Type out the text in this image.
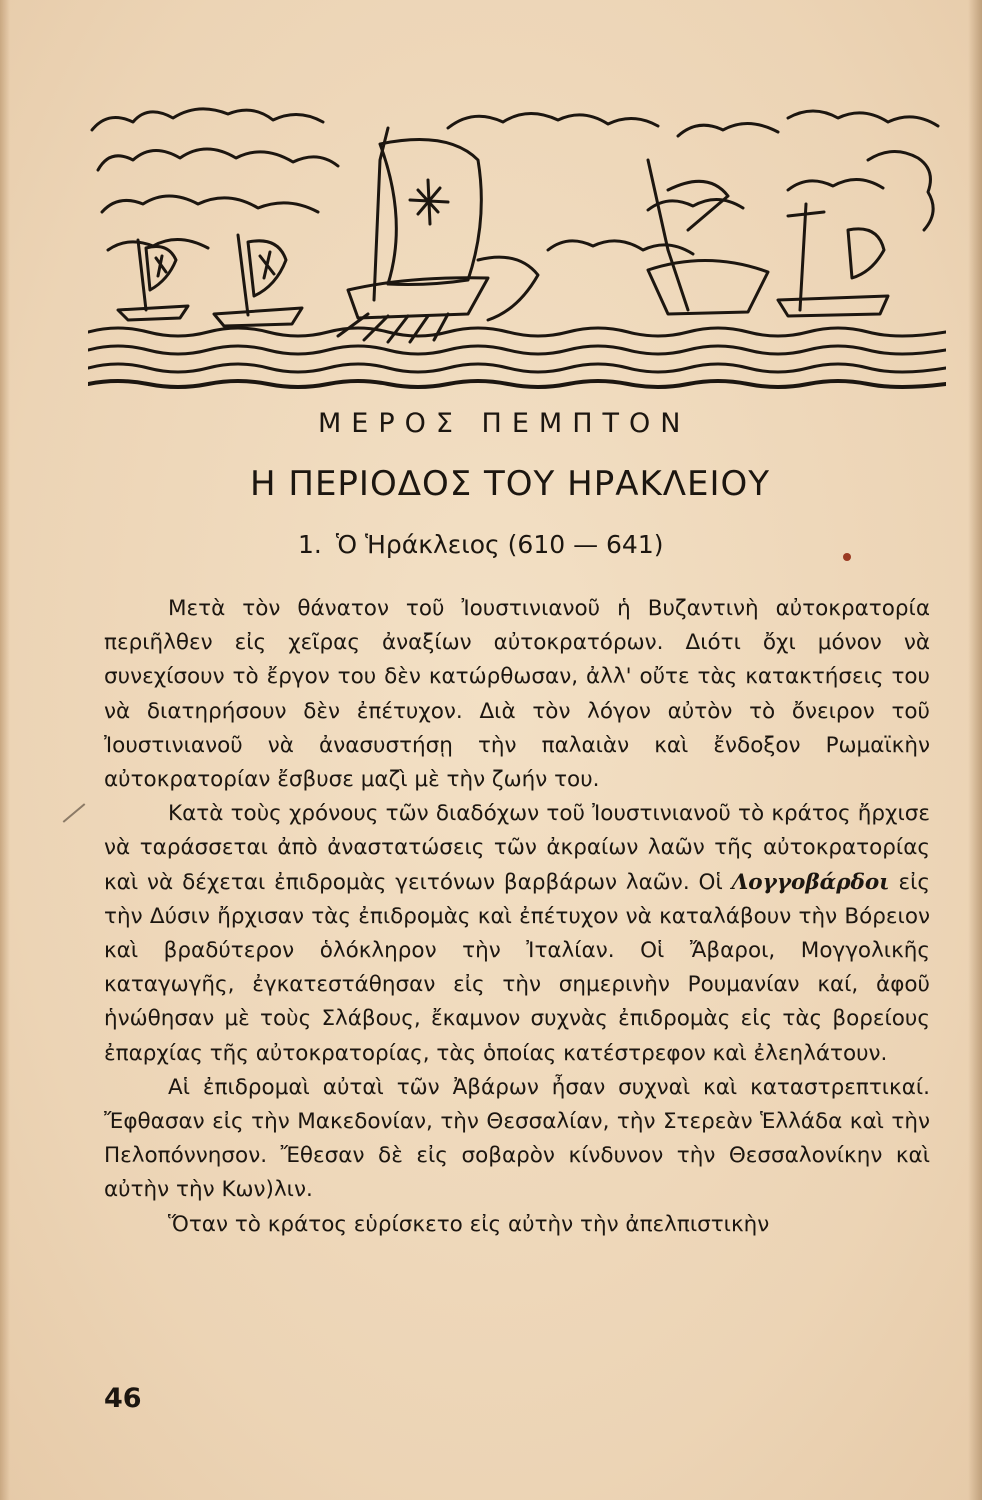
ΜΕΡΟΣ ΠΕΜΠΤΟΝ
Η ΠΕΡΙΟΔΟΣ ΤΟΥ ΗΡΑΚΛΕΙΟΥ
1. Ὁ Ἡράκλειος (610 — 641)

Μετὰ τὸν θάνατον τοῦ Ἰουστινιανοῦ ἡ Βυζαντινὴ αὐτοκρατορία περιῆλθεν εἰς χεῖρας ἀναξίων αὐτοκρατόρων. Διότι ὄχι μόνον νὰ συνεχίσουν τὸ ἔργον του δὲν κατώρθωσαν, ἀλλ' οὔτε τὰς κατακτήσεις του νὰ διατηρήσουν δὲν ἐπέτυχον. Διὰ τὸν λόγον αὐτὸν τὸ ὄνειρον τοῦ Ἰουστινιανοῦ νὰ ἀνασυστήσῃ τὴν παλαιὰν καὶ ἔνδοξον Ρωμαϊκὴν αὐτοκρατορίαν ἔσβυσε μαζὶ μὲ τὴν ζωήν του.

Κατὰ τοὺς χρόνους τῶν διαδόχων τοῦ Ἰουστινιανοῦ τὸ κράτος ἤρχισε νὰ ταράσσεται ἀπὸ ἀναστατώσεις τῶν ἀκραίων λαῶν τῆς αὐτοκρατορίας καὶ νὰ δέχεται ἐπιδρομὰς γειτόνων βαρβάρων λαῶν. Οἱ Λογγοβάρδοι εἰς τὴν Δύσιν ἤρχισαν τὰς ἐπιδρομὰς καὶ ἐπέτυχον νὰ καταλάβουν τὴν Βόρειον καὶ βραδύτερον ὁλόκληρον τὴν Ἰταλίαν. Οἱ Ἄβαροι, Μογγολικῆς καταγωγῆς, ἐγκατεστάθησαν εἰς τὴν σημερινὴν Ρουμανίαν καί, ἀφοῦ ἡνώθησαν μὲ τοὺς Σλάβους, ἔκαμνον συχνὰς ἐπιδρομὰς εἰς τὰς βορείους ἐπαρχίας τῆς αὐτοκρατορίας, τὰς ὁποίας κατέστρεφον καὶ ἐλεηλάτουν.

Αἱ ἐπιδρομαὶ αὐταὶ τῶν Ἀβάρων ἦσαν συχναὶ καὶ καταστρεπτικαί. Ἔφθασαν εἰς τὴν Μακεδονίαν, τὴν Θεσσαλίαν, τὴν Στερεὰν Ἑλλάδα καὶ τὴν Πελοπόννησον. Ἔθεσαν δὲ εἰς σοβαρὸν κίνδυνον τὴν Θεσσαλονίκην καὶ αὐτὴν τὴν Κων)λιν.

Ὅταν τὸ κράτος εὑρίσκετο εἰς αὐτὴν τὴν ἀπελπιστικὴν

46
